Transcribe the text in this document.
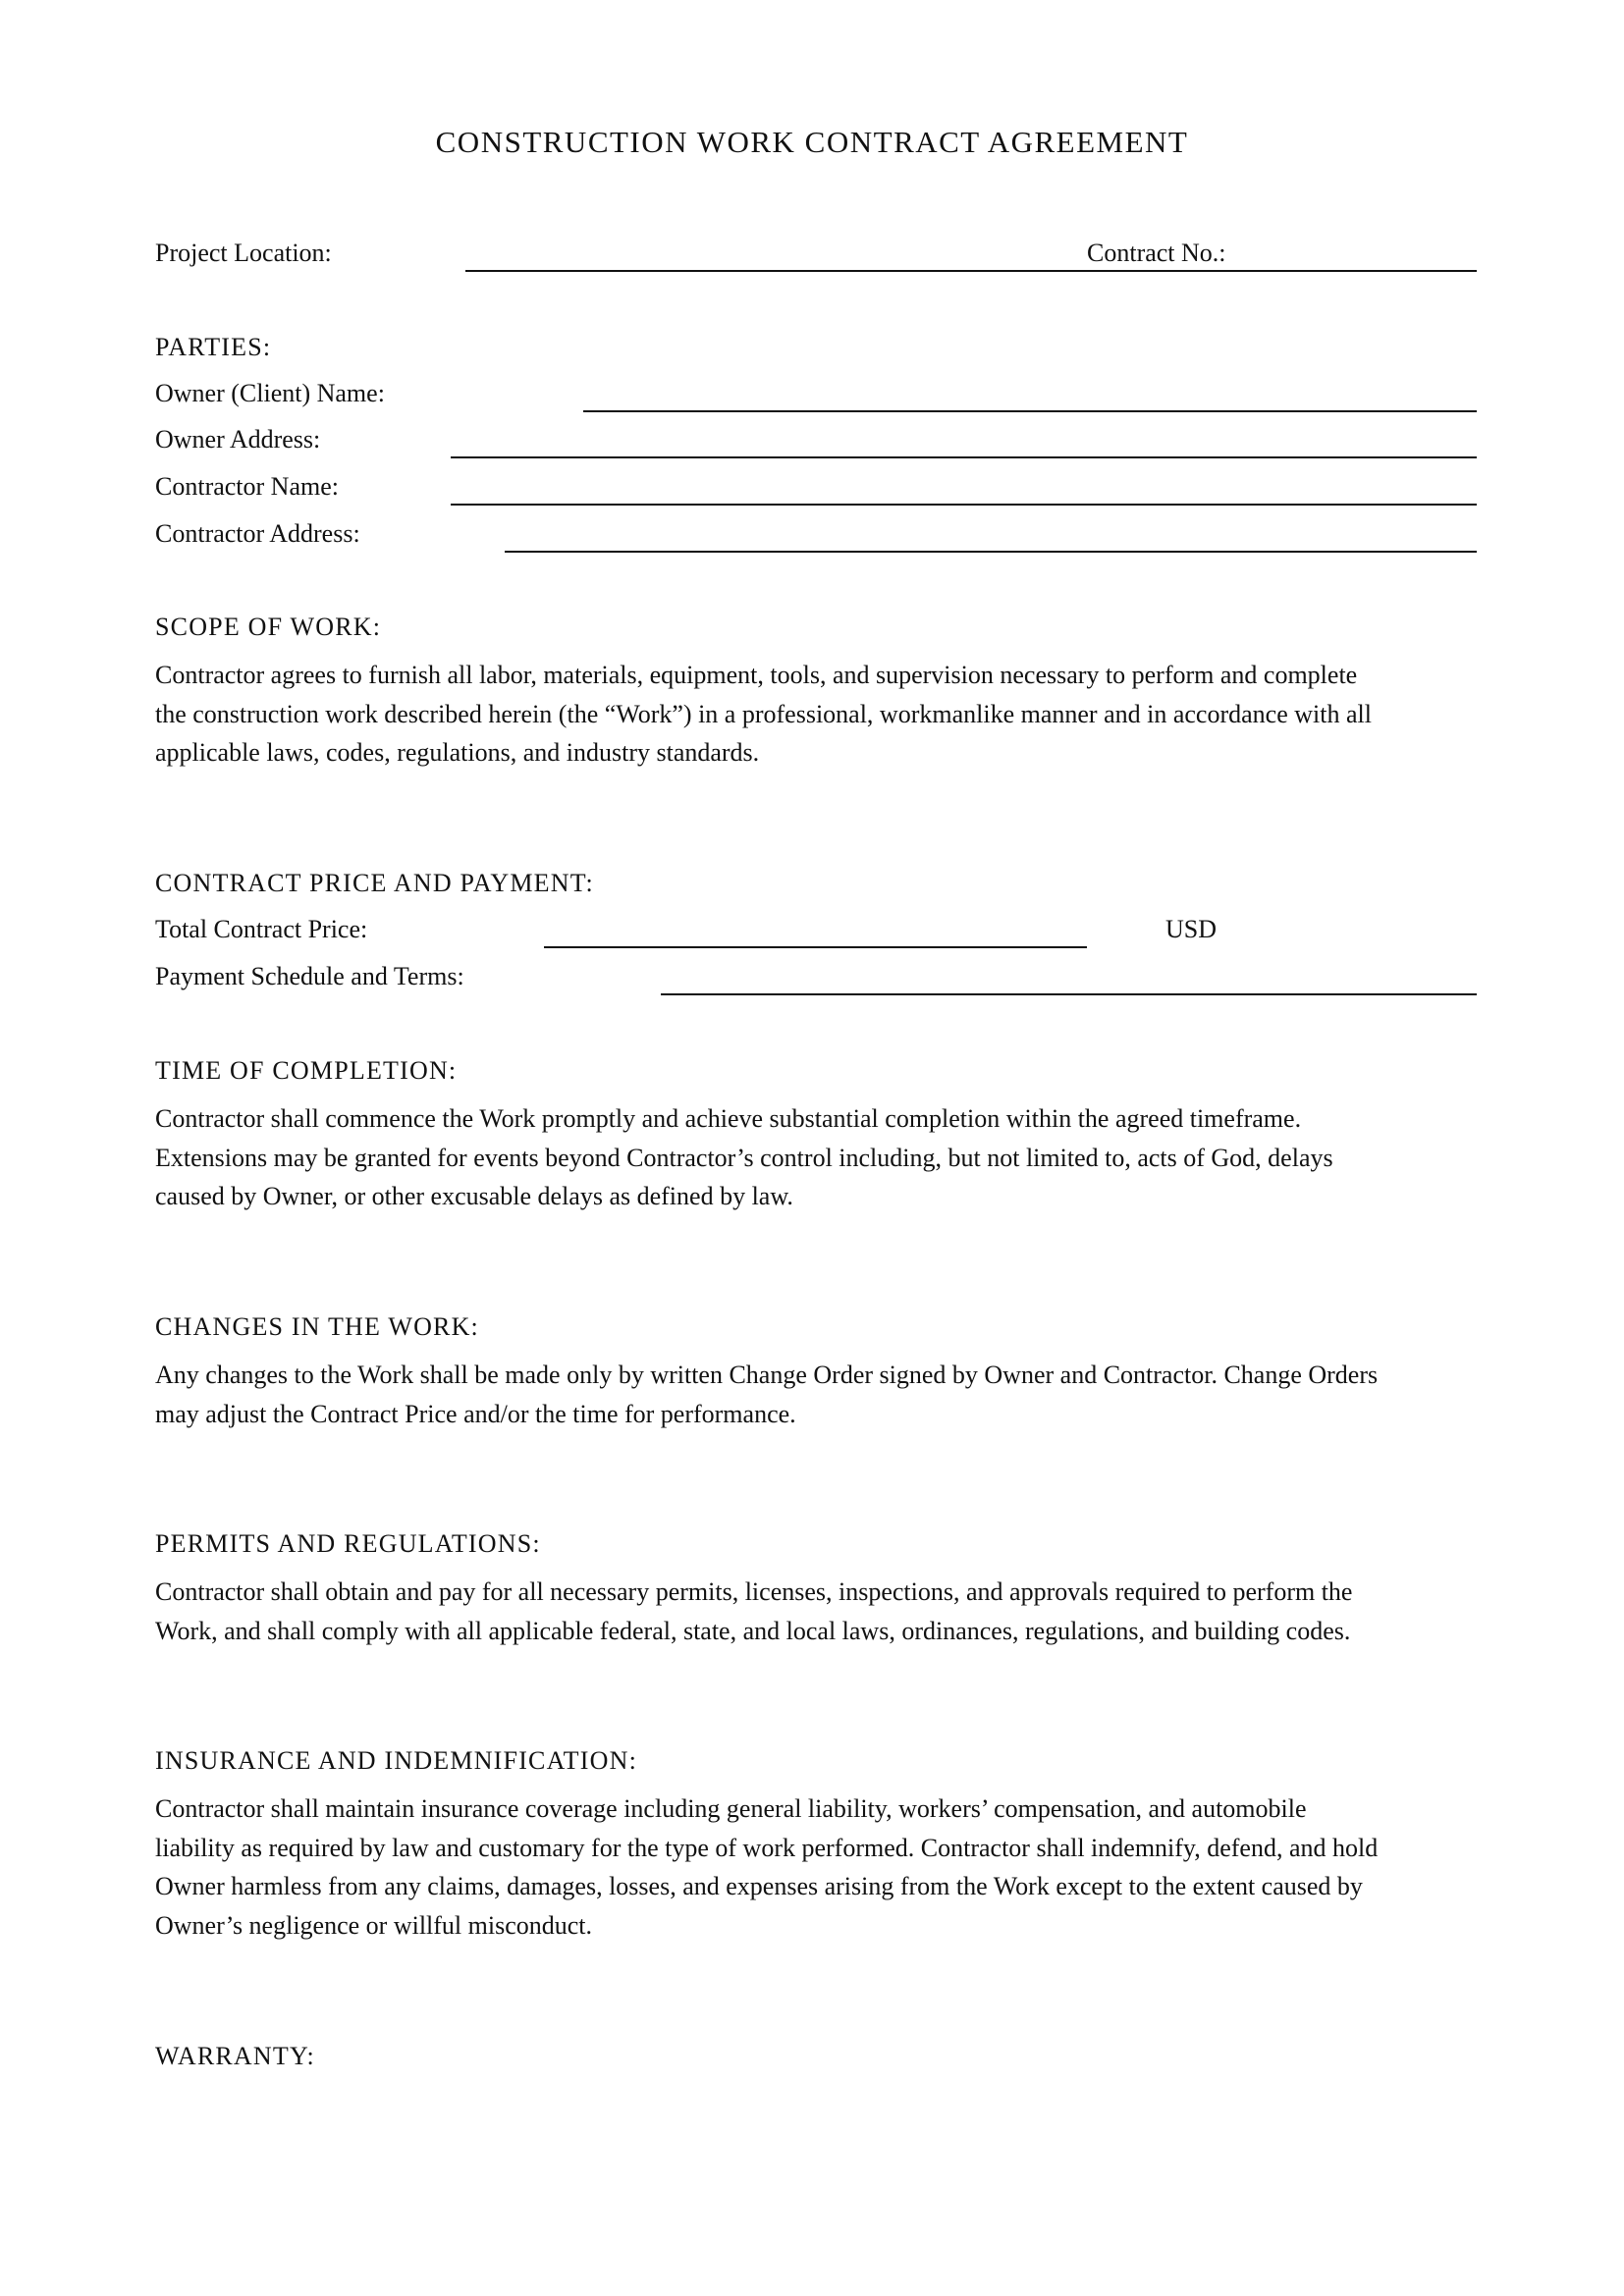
CONSTRUCTION WORK CONTRACT AGREEMENT
Project Location:	Contract No.:
PARTIES:
Owner (Client) Name:
Owner Address:
Contractor Name:
Contractor Address:
SCOPE OF WORK:
Contractor agrees to furnish all labor, materials, equipment, tools, and supervision necessary to perform and complete
the construction work described herein (the “Work”) in a professional, workmanlike manner and in accordance with all
applicable laws, codes, regulations, and industry standards.
CONTRACT PRICE AND PAYMENT:
Total Contract Price:	USD
Payment Schedule and Terms:
TIME OF COMPLETION:
Contractor shall commence the Work promptly and achieve substantial completion within the agreed timeframe.
Extensions may be granted for events beyond Contractor’s control including, but not limited to, acts of God, delays
caused by Owner, or other excusable delays as defined by law.
CHANGES IN THE WORK:
Any changes to the Work shall be made only by written Change Order signed by Owner and Contractor. Change Orders
may adjust the Contract Price and/or the time for performance.
PERMITS AND REGULATIONS:
Contractor shall obtain and pay for all necessary permits, licenses, inspections, and approvals required to perform the
Work, and shall comply with all applicable federal, state, and local laws, ordinances, regulations, and building codes.
INSURANCE AND INDEMNIFICATION:
Contractor shall maintain insurance coverage including general liability, workers’ compensation, and automobile
liability as required by law and customary for the type of work performed. Contractor shall indemnify, defend, and hold
Owner harmless from any claims, damages, losses, and expenses arising from the Work except to the extent caused by
Owner’s negligence or willful misconduct.
WARRANTY:
